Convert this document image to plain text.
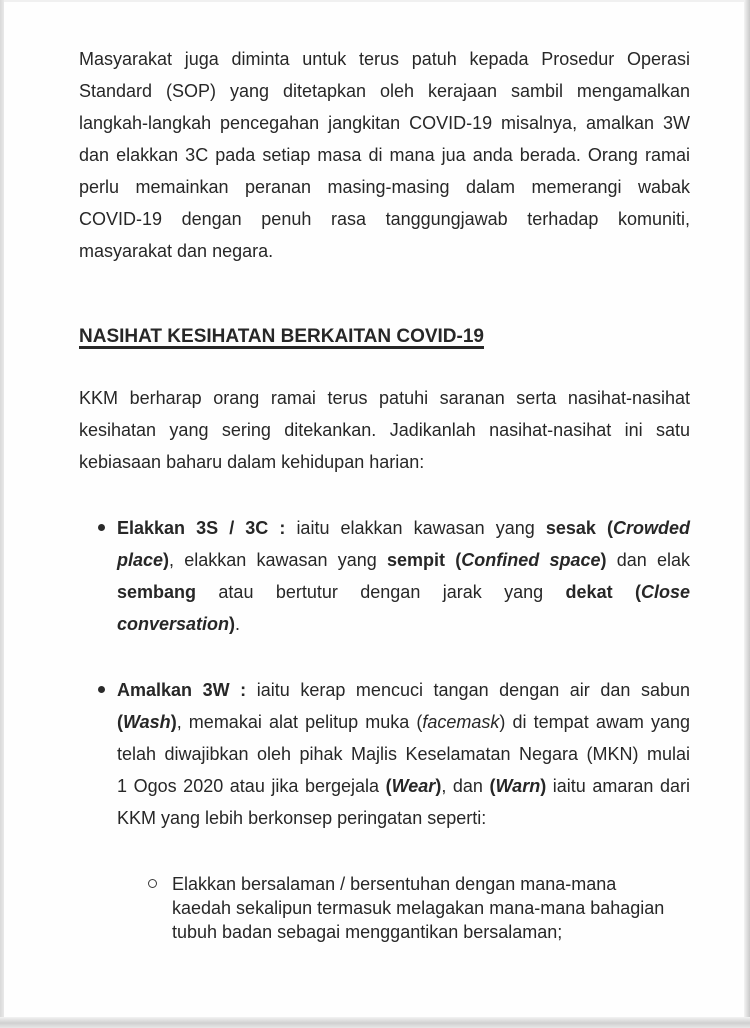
Masyarakat juga diminta untuk terus patuh kepada Prosedur Operasi
Standard (SOP) yang ditetapkan oleh kerajaan sambil mengamalkan
langkah-langkah pencegahan jangkitan COVID-19 misalnya, amalkan 3W
dan elakkan 3C pada setiap masa di mana jua anda berada. Orang ramai
perlu memainkan peranan masing-masing dalam memerangi wabak
COVID-19 dengan penuh rasa tanggungjawab terhadap komuniti,
masyarakat dan negara.
NASIHAT KESIHATAN BERKAITAN COVID-19
KKM berharap orang ramai terus patuhi saranan serta nasihat-nasihat
kesihatan yang sering ditekankan. Jadikanlah nasihat-nasihat ini satu
kebiasaan baharu dalam kehidupan harian:
Elakkan 3S / 3C : iaitu elakkan kawasan yang sesak (Crowded
place), elakkan kawasan yang sempit (Confined space) dan elak
sembang atau bertutur dengan jarak yang dekat (Close
conversation).
Amalkan 3W : iaitu kerap mencuci tangan dengan air dan sabun
(Wash), memakai alat pelitup muka (facemask) di tempat awam yang
telah diwajibkan oleh pihak Majlis Keselamatan Negara (MKN) mulai
1 Ogos 2020 atau jika bergejala (Wear), dan (Warn) iaitu amaran dari
KKM yang lebih berkonsep peringatan seperti:
Elakkan bersalaman / bersentuhan dengan mana-mana
kaedah sekalipun termasuk melagakan mana-mana bahagian
tubuh badan sebagai menggantikan bersalaman;
